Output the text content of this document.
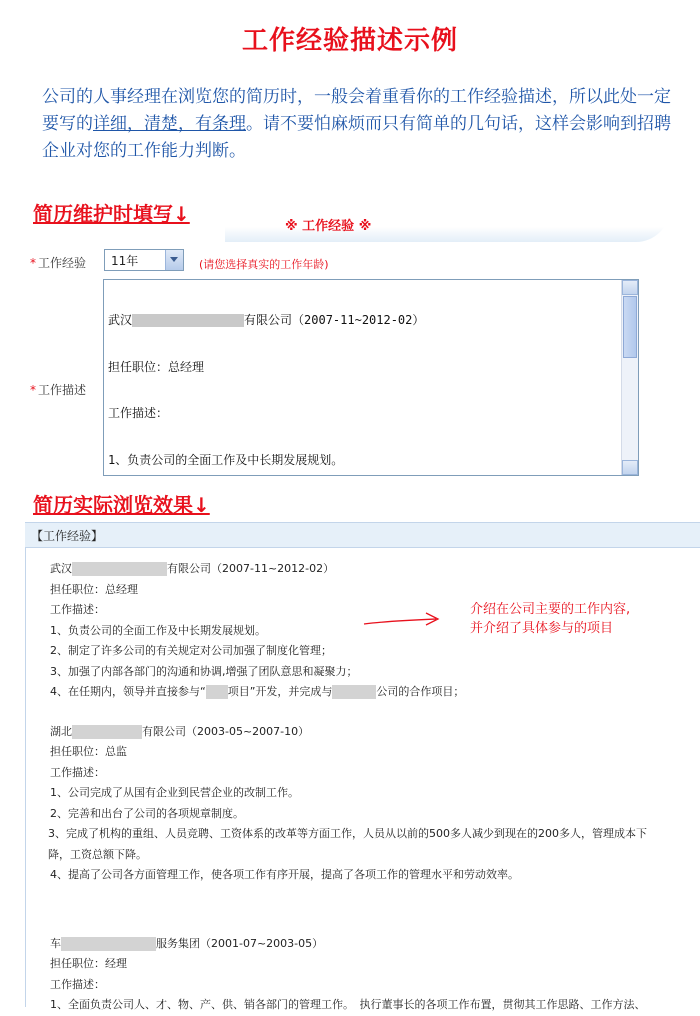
工作经验描述示例
公司的人事经理在浏览您的简历时，一般会着重看你的工作经验描述，所以此处一定要写的详细，清楚，有条理。请不要怕麻烦而只有简单的几句话，这样会影响到招聘企业对您的工作能力判断。
简历维护时填写↓
※ 工作经验 ※
* 工作经验 11年	(请您选择真实的工作年龄)
* 工作描述

武汉	有限公司（2007-11~2012-02）

担任职位：总经理

工作描述：

1、负责公司的全面工作及中长期发展规划。

简历实际浏览效果↓
【工作经验】
介绍在公司主要的工作内容,
并介绍了具体参与的项目
武汉	有限公司（2007-11~2012-02）
担任职位：总经理
工作描述：
1、负责公司的全面工作及中长期发展规划。
2、制定了许多公司的有关规定对公司加强了制度化管理；
3、加强了内部各部门的沟通和协调,增强了团队意思和凝聚力；
4、在任期内，领导并直接参与“ 项目”开发，并完成与	公司的合作项目；
湖北	有限公司（2003-05~2007-10）
担任职位：总监
工作描述：
1、公司完成了从国有企业到民营企业的改制工作。
2、完善和出台了公司的各项规章制度。
3、完成了机构的重组、人员竞聘、工资体系的改革等方面工作，人员从以前的500多人减少到现在的200多人，管理成本下降，工资总额下降。
4、提高了公司各方面管理工作，使各项工作有序开展，提高了各项工作的管理水平和劳动效率。
车	服务集团（2001-07~2003-05）
担任职位：经理
工作描述：
1、全面负责公司人、才、物、产、供、销各部门的管理工作。　执行董事长的各项工作布置，贯彻其工作思路、工作方法、
